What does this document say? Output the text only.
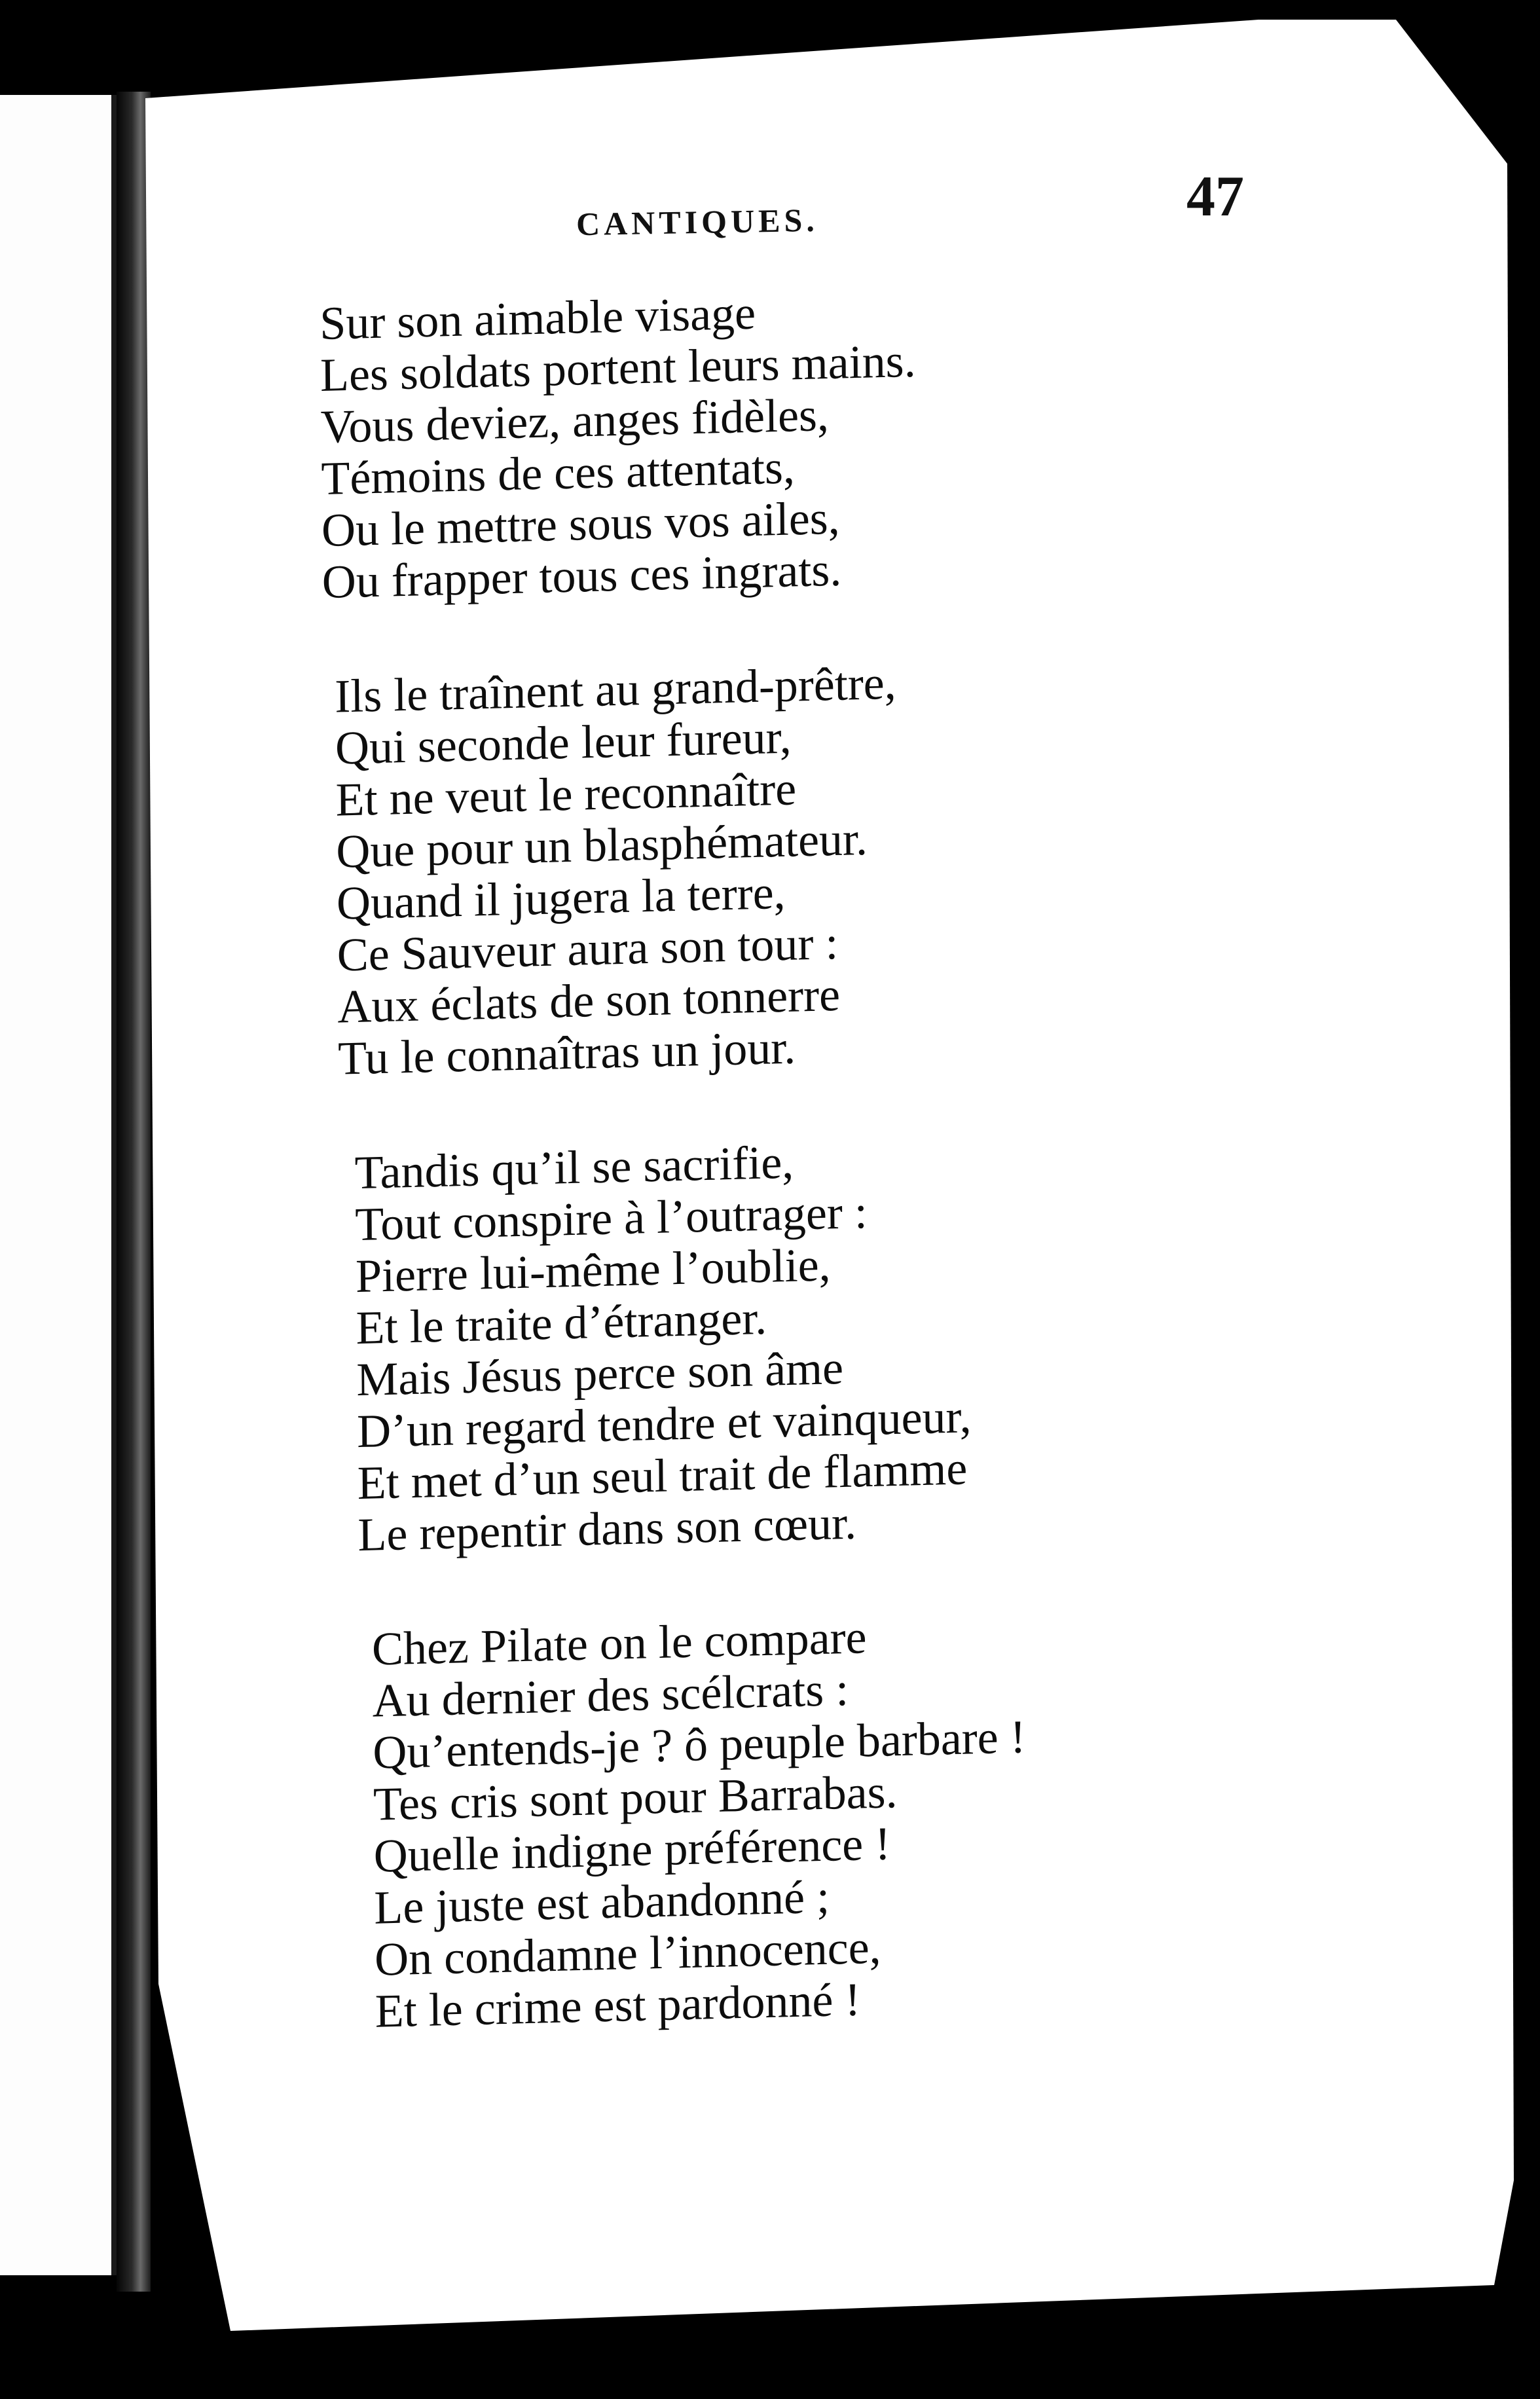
CANTIQUES.	47
Sur son aimable visage
Les soldats portent leurs mains.
Vous deviez, anges fidèles,
Témoins de ces attentats,
Ou le mettre sous vos ailes,
Ou frapper tous ces ingrats.
Ils le traînent au grand-prêtre,
Qui seconde leur fureur,
Et ne veut le reconnaître
Que pour un blasphémateur.
Quand il jugera la terre,
Ce Sauveur aura son tour :
Aux éclats de son tonnerre
Tu le connaîtras un jour.
Tandis qu’il se sacrifie,
Tout conspire à l’outrager :
Pierre lui-même l’oublie,
Et le traite d’étranger.
Mais Jésus perce son âme
D’un regard tendre et vainqueur,
Et met d’un seul trait de flamme
Le repentir dans son cœur.
Chez Pilate on le compare
Au dernier des scélcrats :
Qu’entends-je ? ô peuple barbare !
Tes cris sont pour Barrabas.
Quelle indigne préférence !
Le juste est abandonné ;
On condamne l’innocence,
Et le crime est pardonné !
